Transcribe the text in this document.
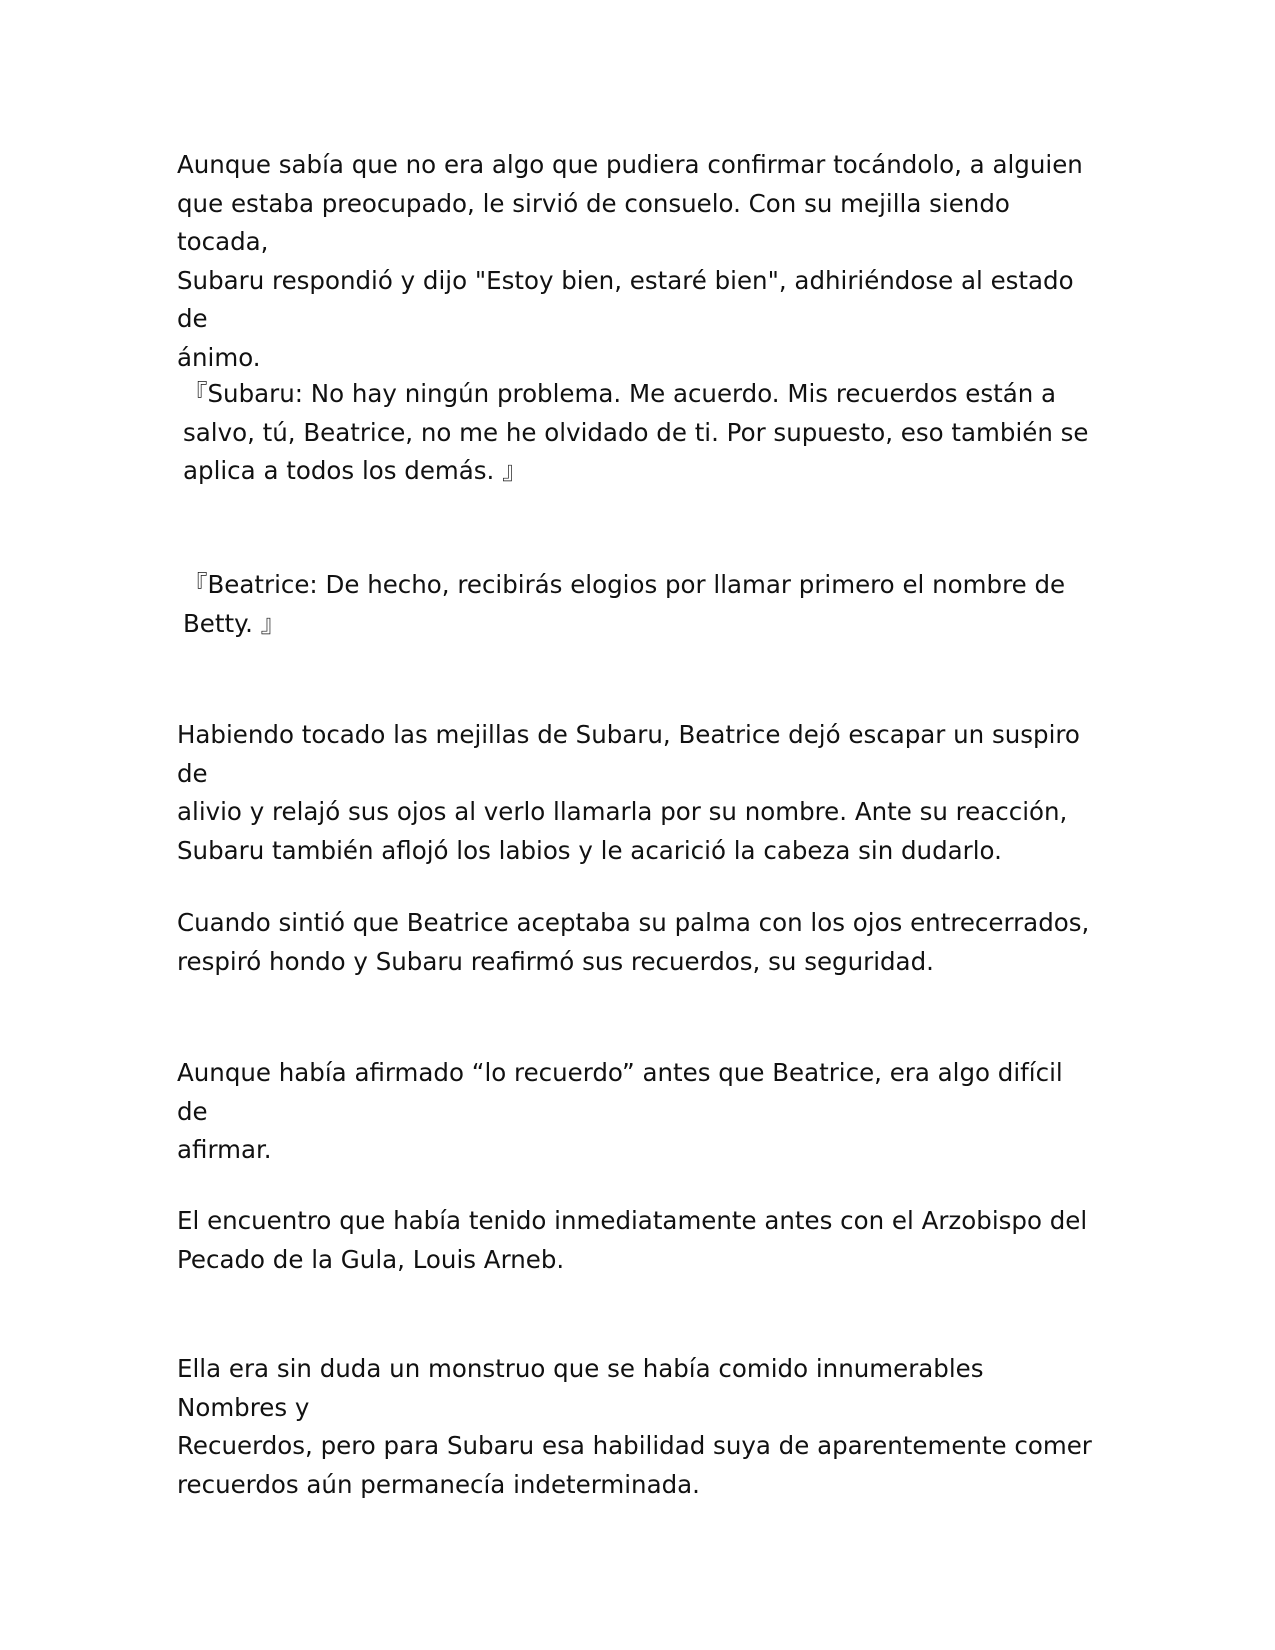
Aunque sabía que no era algo que pudiera confirmar tocándolo, a alguien
que estaba preocupado, le sirvió de consuelo. Con su mejilla siendo tocada,
Subaru respondió y dijo "Estoy bien, estaré bien", adhiriéndose al estado de
ánimo.

『Subaru: No hay ningún problema. Me acuerdo. Mis recuerdos están a
salvo, tú, Beatrice, no me he olvidado de ti. Por supuesto, eso también se
aplica a todos los demás. 』

『Beatrice: De hecho, recibirás elogios por llamar primero el nombre de
Betty. 』

Habiendo tocado las mejillas de Subaru, Beatrice dejó escapar un suspiro de
alivio y relajó sus ojos al verlo llamarla por su nombre. Ante su reacción,
Subaru también aflojó los labios y le acarició la cabeza sin dudarlo.

Cuando sintió que Beatrice aceptaba su palma con los ojos entrecerrados,
respiró hondo y Subaru reafirmó sus recuerdos, su seguridad.

Aunque había afirmado “lo recuerdo” antes que Beatrice, era algo difícil de
afirmar.

El encuentro que había tenido inmediatamente antes con el Arzobispo del
Pecado de la Gula, Louis Arneb.

Ella era sin duda un monstruo que se había comido innumerables Nombres y
Recuerdos, pero para Subaru esa habilidad suya de aparentemente comer
recuerdos aún permanecía indeterminada.
